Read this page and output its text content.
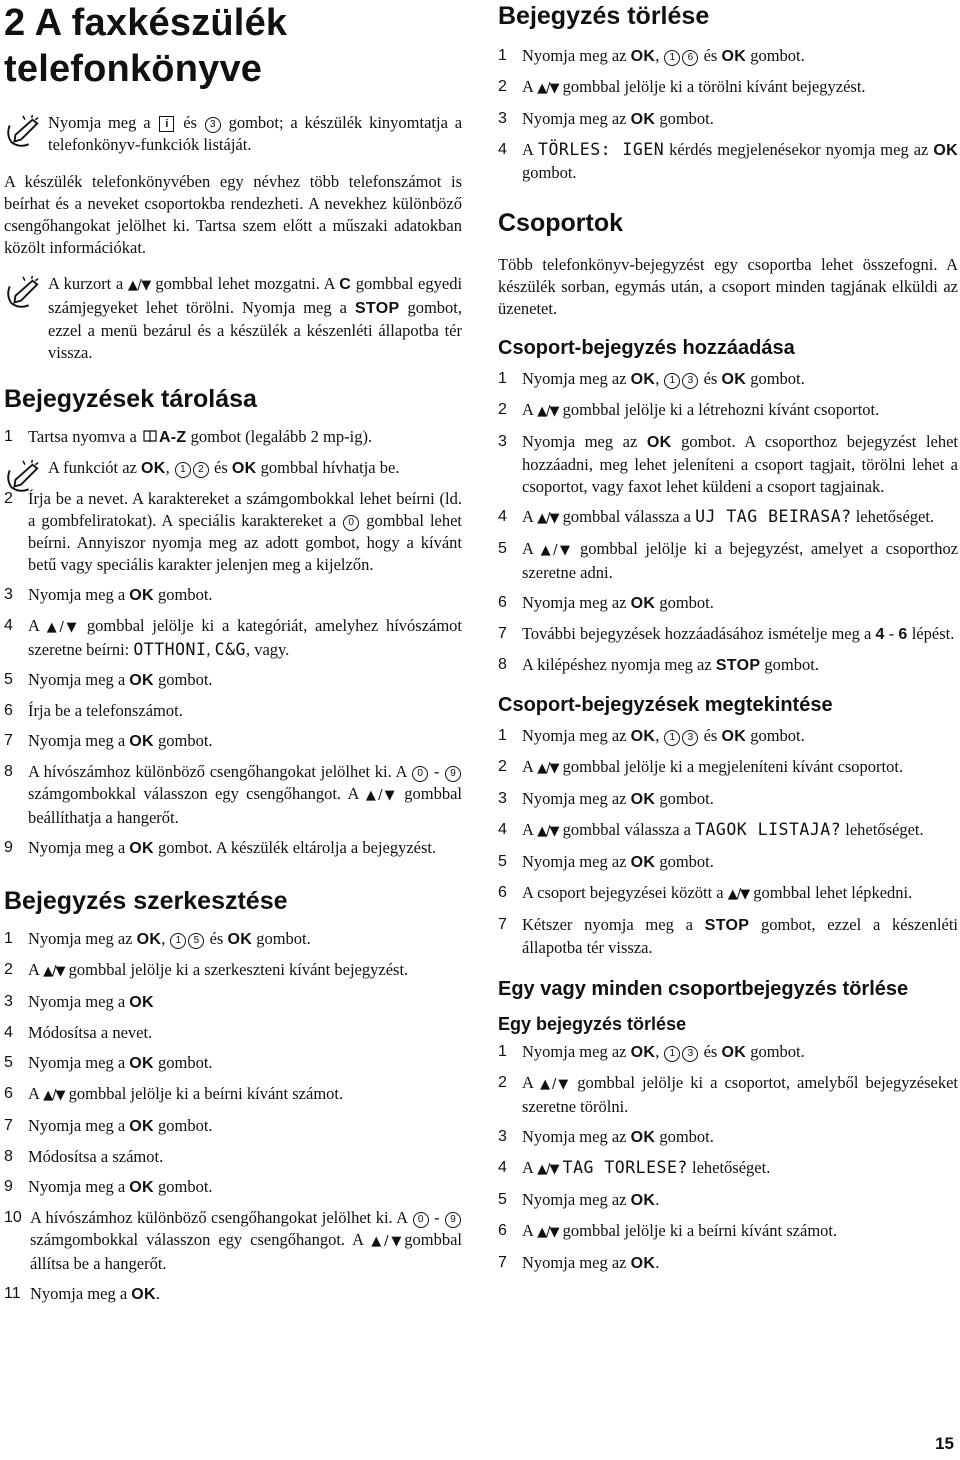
2 A faxkészülék telefonkönyve
Nyomja meg a i és 3 gombot; a készülék kinyomtatja a telefonkönyv-funkciók listáját.

A készülék telefonkönyvében egy névhez több telefonszámot is beírhat és a neveket csoportokba rendezheti. A nevekhez különböző csengőhangokat jelölhet ki. Tartsa szem előtt a műszaki adatokban közölt információkat.

A kurzort a ▲/▼ gombbal lehet mozgatni. A C gombbal egyedi számjegyeket lehet törölni. Nyomja meg a STOP gombot, ezzel a menü bezárul és a készülék a készenléti állapotba tér vissza.
Bejegyzések tárolása
1 Tartsa nyomva a A-Z gombot (legalább 2 mp-ig).
A funkciót az OK, 1 2 és OK gombbal hívhatja be.
2 Írja be a nevet. A karaktereket a számgombokkal lehet beírni (ld. a gombfeliratokat). A speciális karaktereket a 0 gombbal lehet beírni. Annyiszor nyomja meg az adott gombot, hogy a kívánt betű vagy speciális karakter jelenjen meg a kijelzőn.
3 Nyomja meg a OK gombot.
4 A ▲/▼ gombbal jelölje ki a kategóriát, amelyhez hívószámot szeretne beírni: OTTHONI, C&G, vagy.
5 Nyomja meg a OK gombot.
6 Írja be a telefonszámot.
7 Nyomja meg a OK gombot.
8 A hívószámhoz különböző csengőhangokat jelölhet ki. A 0 - 9számgombokkal válasszon egy csengőhangot. A ▲/▼ gombbal beállíthatja a hangerőt.
9 Nyomja meg a OK gombot. A készülék eltárolja a bejegyzést.
Bejegyzés szerkesztése
1 Nyomja meg az OK, 1 5 és OK gombot.
2 A ▲/▼ gombbal jelölje ki a szerkeszteni kívánt bejegyzést.
3 Nyomja meg a OK
4 Módosítsa a nevet.
5 Nyomja meg a OK gombot.
6 A ▲/▼ gombbal jelölje ki a beírni kívánt számot.
7 Nyomja meg a OK gombot.
8 Módosítsa a számot.
9 Nyomja meg a OK gombot.
10 A hívószámhoz különböző csengőhangokat jelölhet ki. A 0 - 9 számgombokkal válasszon egy csengőhangot. A ▲/▼gombbal állítsa be a hangerőt.
11 Nyomja meg a OK.
Bejegyzés törlése
1 Nyomja meg az OK, 1 6 és OK gombot.
2 A ▲/▼ gombbal jelölje ki a törölni kívánt bejegyzést.
3 Nyomja meg az OK gombot.
4 A TÖRLES: IGEN kérdés megjelenésekor nyomja meg az OK gombot.
Csoportok

Több telefonkönyv-bejegyzést egy csoportba lehet összefogni. A készülék sorban, egymás után, a csoport minden tagjának elküldi az üzenetet.

Csoport-bejegyzés hozzáadása
1 Nyomja meg az OK, 1 3 és OK gombot.
2 A ▲/▼ gombbal jelölje ki a létrehozni kívánt csoportot.
3 Nyomja meg az OK gombot. A csoporthoz bejegyzést lehet hozzáadni, meg lehet jeleníteni a csoport tagjait, törölni lehet a csoportot, vagy faxot lehet küldeni a csoport tagjainak.
4 A ▲/▼ gombbal válassza a UJ TAG BEIRASA? lehetőséget.
5 A ▲/▼ gombbal jelölje ki a bejegyzést, amelyet a csoporthoz szeretne adni.
6 Nyomja meg az OK gombot.
7 További bejegyzések hozzáadásához ismételje meg a 4 - 6 lépést.
8 A kilépéshez nyomja meg az STOP gombot.
Csoport-bejegyzések megtekintése
1 Nyomja meg az OK, 1 3 és OK gombot.
2 A ▲/▼ gombbal jelölje ki a megjeleníteni kívánt csoportot.
3 Nyomja meg az OK gombot.
4 A ▲/▼ gombbal válassza a TAGOK LISTAJA? lehetőséget.
5 Nyomja meg az OK gombot.
6 A csoport bejegyzései között a ▲/▼ gombbal lehet lépkedni.
7 Kétszer nyomja meg a STOP gombot, ezzel a készenléti állapotba tér vissza.
Egy vagy minden csoportbejegyzés törlése
Egy bejegyzés törlése
1 Nyomja meg az OK, 1 3 és OK gombot.
2 A ▲/▼ gombbal jelölje ki a csoportot, amelyből bejegyzéseket szeretne törölni.
3 Nyomja meg az OK gombot.
4 A ▲/▼ TAG TORLESE? lehetőséget.
5 Nyomja meg az OK.
6 A ▲/▼ gombbal jelölje ki a beírni kívánt számot.
7 Nyomja meg az OK.
15
